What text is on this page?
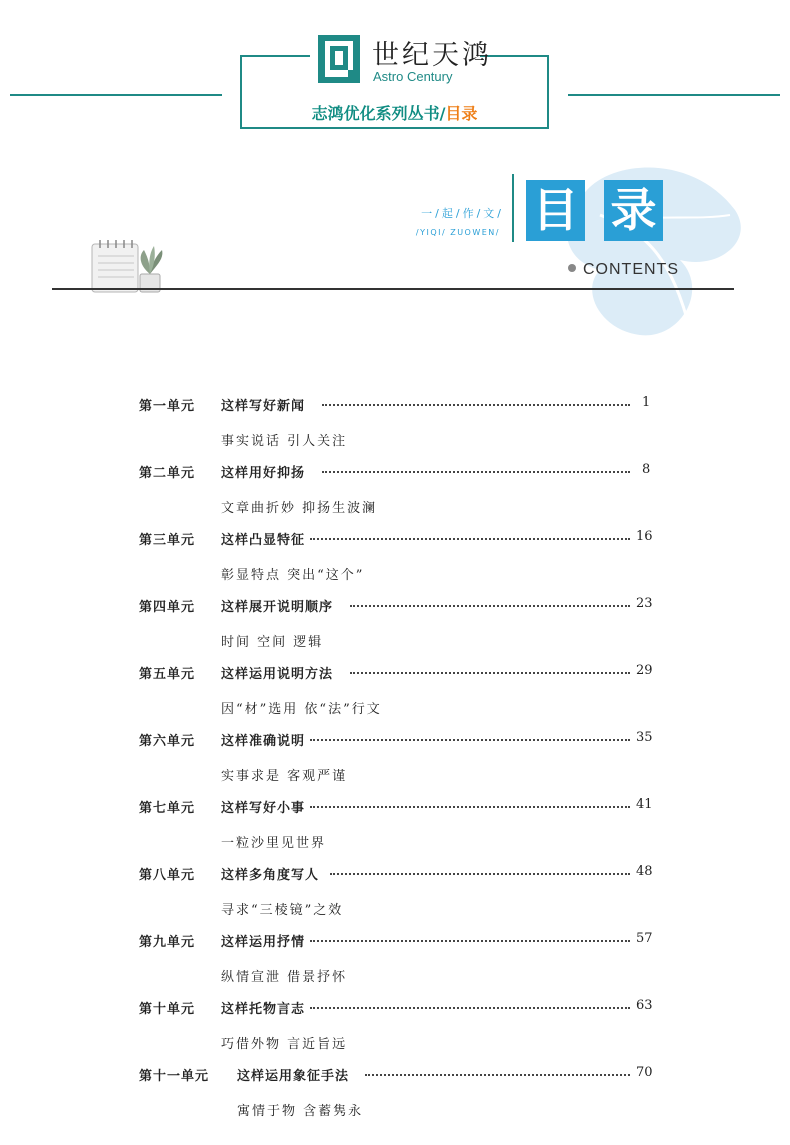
世纪天鸿
Astro Century
志鸿优化系列丛书/目录
一/起/作/文/
/YIQI/ ZUOWEN/ 目 录
CONTENTS
第一单元 这样写好新闻	1
事实说话 引人关注
第二单元 这样用好抑扬	8
文章曲折妙 抑扬生波澜
第三单元 这样凸显特征	16
彰显特点 突出“这个”
第四单元 这样展开说明顺序	23
时间 空间 逻辑
第五单元 这样运用说明方法	29
因“材”选用 依“法”行文
第六单元 这样准确说明	35
实事求是 客观严谨
第七单元 这样写好小事	41
一粒沙里见世界
第八单元 这样多角度写人	48
寻求“三棱镜”之效
第九单元 这样运用抒情	57
纵情宣泄 借景抒怀
第十单元 这样托物言志	63
巧借外物 言近旨远
第十一单元 这样运用象征手法	70
寓情于物 含蓄隽永
